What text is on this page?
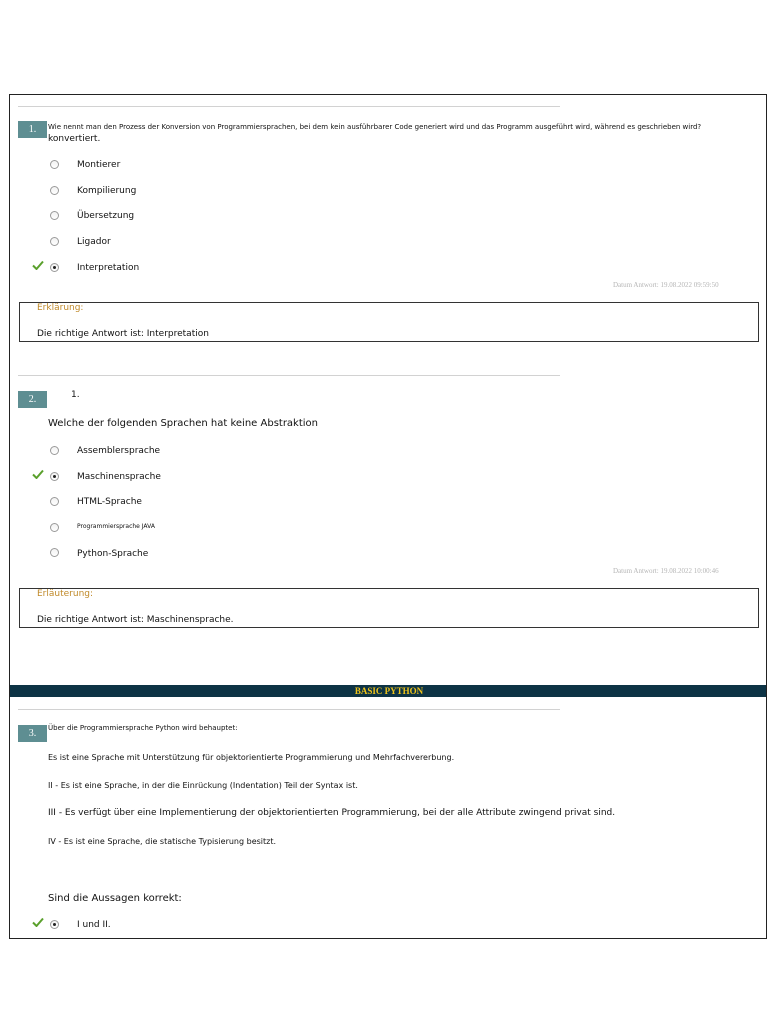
1.	Wie nennt man den Prozess der Konversion von Programmiersprachen, bei dem kein ausführbarer Code generiert wird und das Programm ausgeführt wird, während es geschrieben wird?
konvertiert.
Montierer
Kompilierung
Übersetzung
Ligador
Interpretation
Datum Antwort: 19.08.2022 09:59:50
Erklärung:
Die richtige Antwort ist: Interpretation
2.	1.
Welche der folgenden Sprachen hat keine Abstraktion
Assemblersprache
Maschinensprache
HTML-Sprache
Programmiersprache JAVA
Python-Sprache
Datum Antwort: 19.08.2022 10:00:46
Erläuterung:
Die richtige Antwort ist: Maschinensprache.
BASIC PYTHON
3.	Über die Programmiersprache Python wird behauptet:
Es ist eine Sprache mit Unterstützung für objektorientierte Programmierung und Mehrfachvererbung.
II - Es ist eine Sprache, in der die Einrückung (Indentation) Teil der Syntax ist.
III - Es verfügt über eine Implementierung der objektorientierten Programmierung, bei der alle Attribute zwingend privat sind.
IV - Es ist eine Sprache, die statische Typisierung besitzt.
Sind die Aussagen korrekt:
I und II.
